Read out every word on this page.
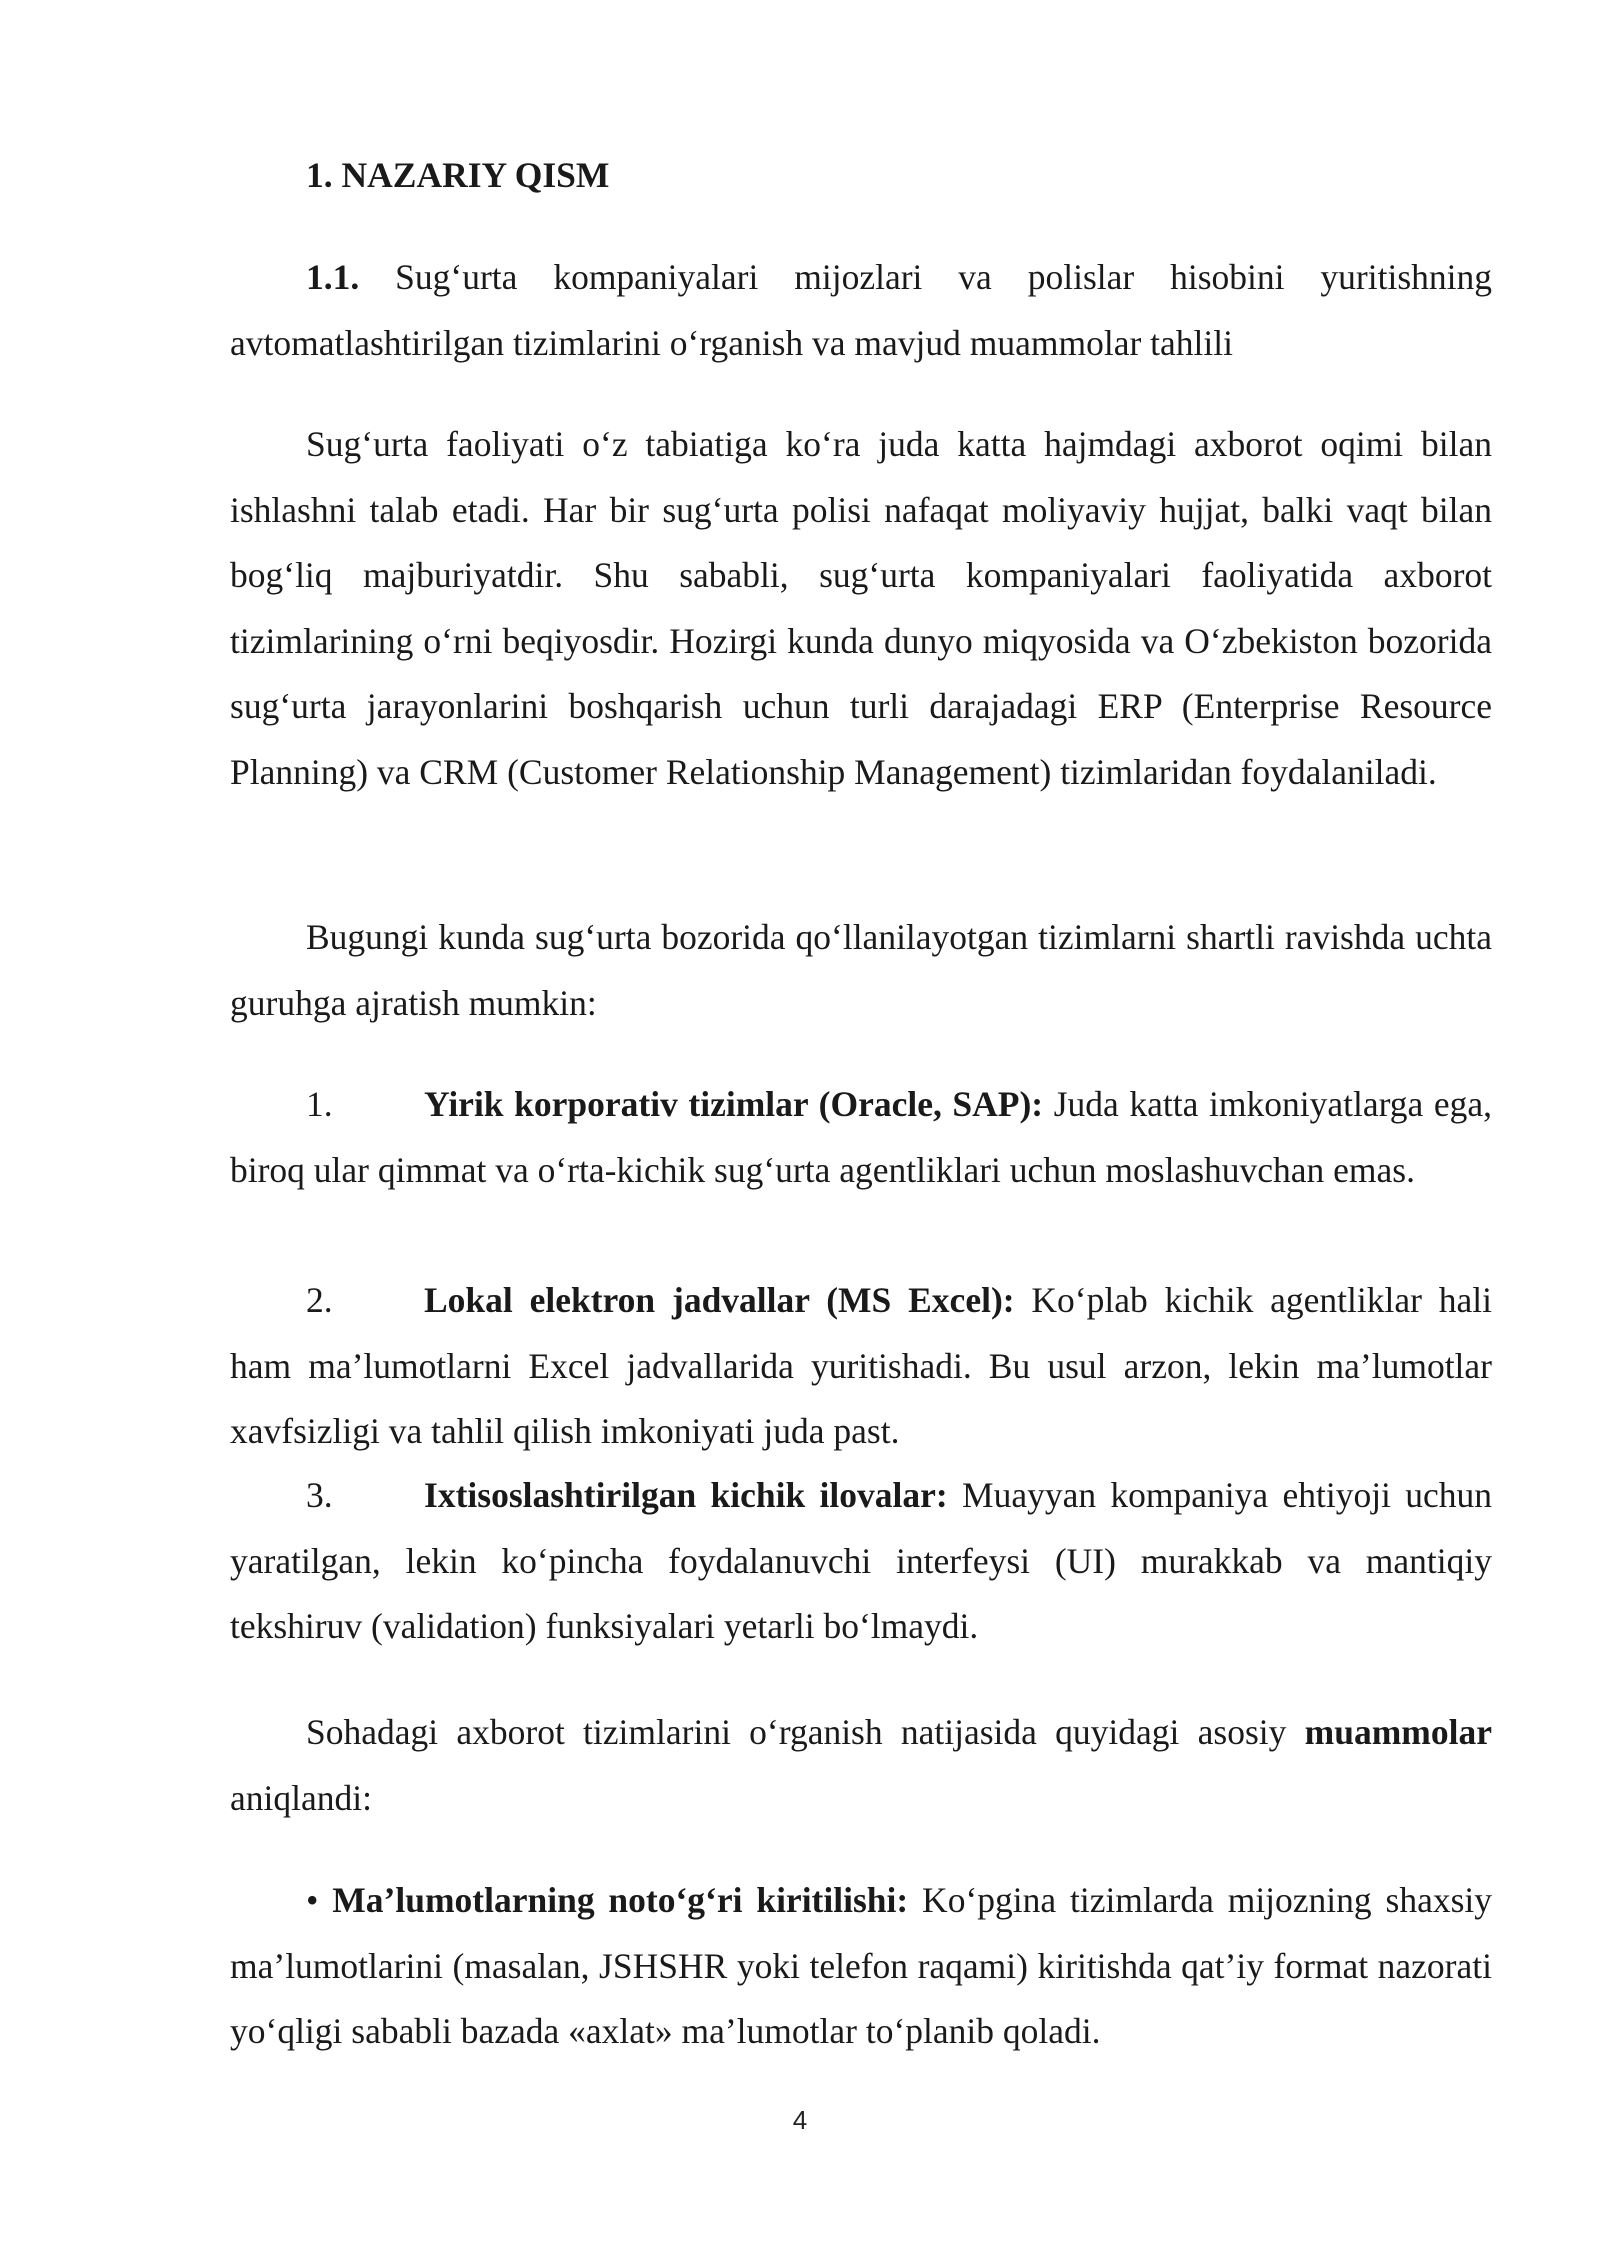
1. NAZARIY QISM

1.1. Sug‘urta kompaniyalari mijozlari va polislar hisobini yuritishning avtomatlashtirilgan tizimlarini o‘rganish va mavjud muammolar tahlili

Sug‘urta faoliyati o‘z tabiatiga ko‘ra juda katta hajmdagi axborot oqimi bilan ishlashni talab etadi. Har bir sug‘urta polisi nafaqat moliyaviy hujjat, balki vaqt bilan bog‘liq majburiyatdir. Shu sababli, sug‘urta kompaniyalari faoliyatida axborot tizimlarining o‘rni beqiyosdir. Hozirgi kunda dunyo miqyosida va O‘zbekiston bozorida sug‘urta jarayonlarini boshqarish uchun turli darajadagi ERP (Enterprise Resource Planning) va CRM (Customer Relationship Management) tizimlaridan foydalaniladi.

Bugungi kunda sug‘urta bozorida qo‘llanilayotgan tizimlarni shartli ravishda uchta guruhga ajratish mumkin:

1.	Yirik korporativ tizimlar (Oracle, SAP): Juda katta imkoniyatlarga ega, biroq ular qimmat va o‘rta-kichik sug‘urta agentliklari uchun moslashuvchan emas.

2.	Lokal elektron jadvallar (MS Excel): Ko‘plab kichik agentliklar hali ham ma’lumotlarni Excel jadvallarida yuritishadi. Bu usul arzon, lekin ma’lumotlar xavfsizligi va tahlil qilish imkoniyati juda past.

3.	Ixtisoslashtirilgan kichik ilovalar: Muayyan kompaniya ehtiyoji uchun yaratilgan, lekin ko‘pincha foydalanuvchi interfeysi (UI) murakkab va mantiqiy tekshiruv (validation) funksiyalari yetarli bo‘lmaydi.

Sohadagi axborot tizimlarini o‘rganish natijasida quyidagi asosiy muammolar aniqlandi:

• Ma’lumotlarning noto‘g‘ri kiritilishi: Ko‘pgina tizimlarda mijozning shaxsiy ma’lumotlarini (masalan, JSHSHR yoki telefon raqami) kiritishda qat’iy format nazorati yo‘qligi sababli bazada «axlat» ma’lumotlar to‘planib qoladi.

4
